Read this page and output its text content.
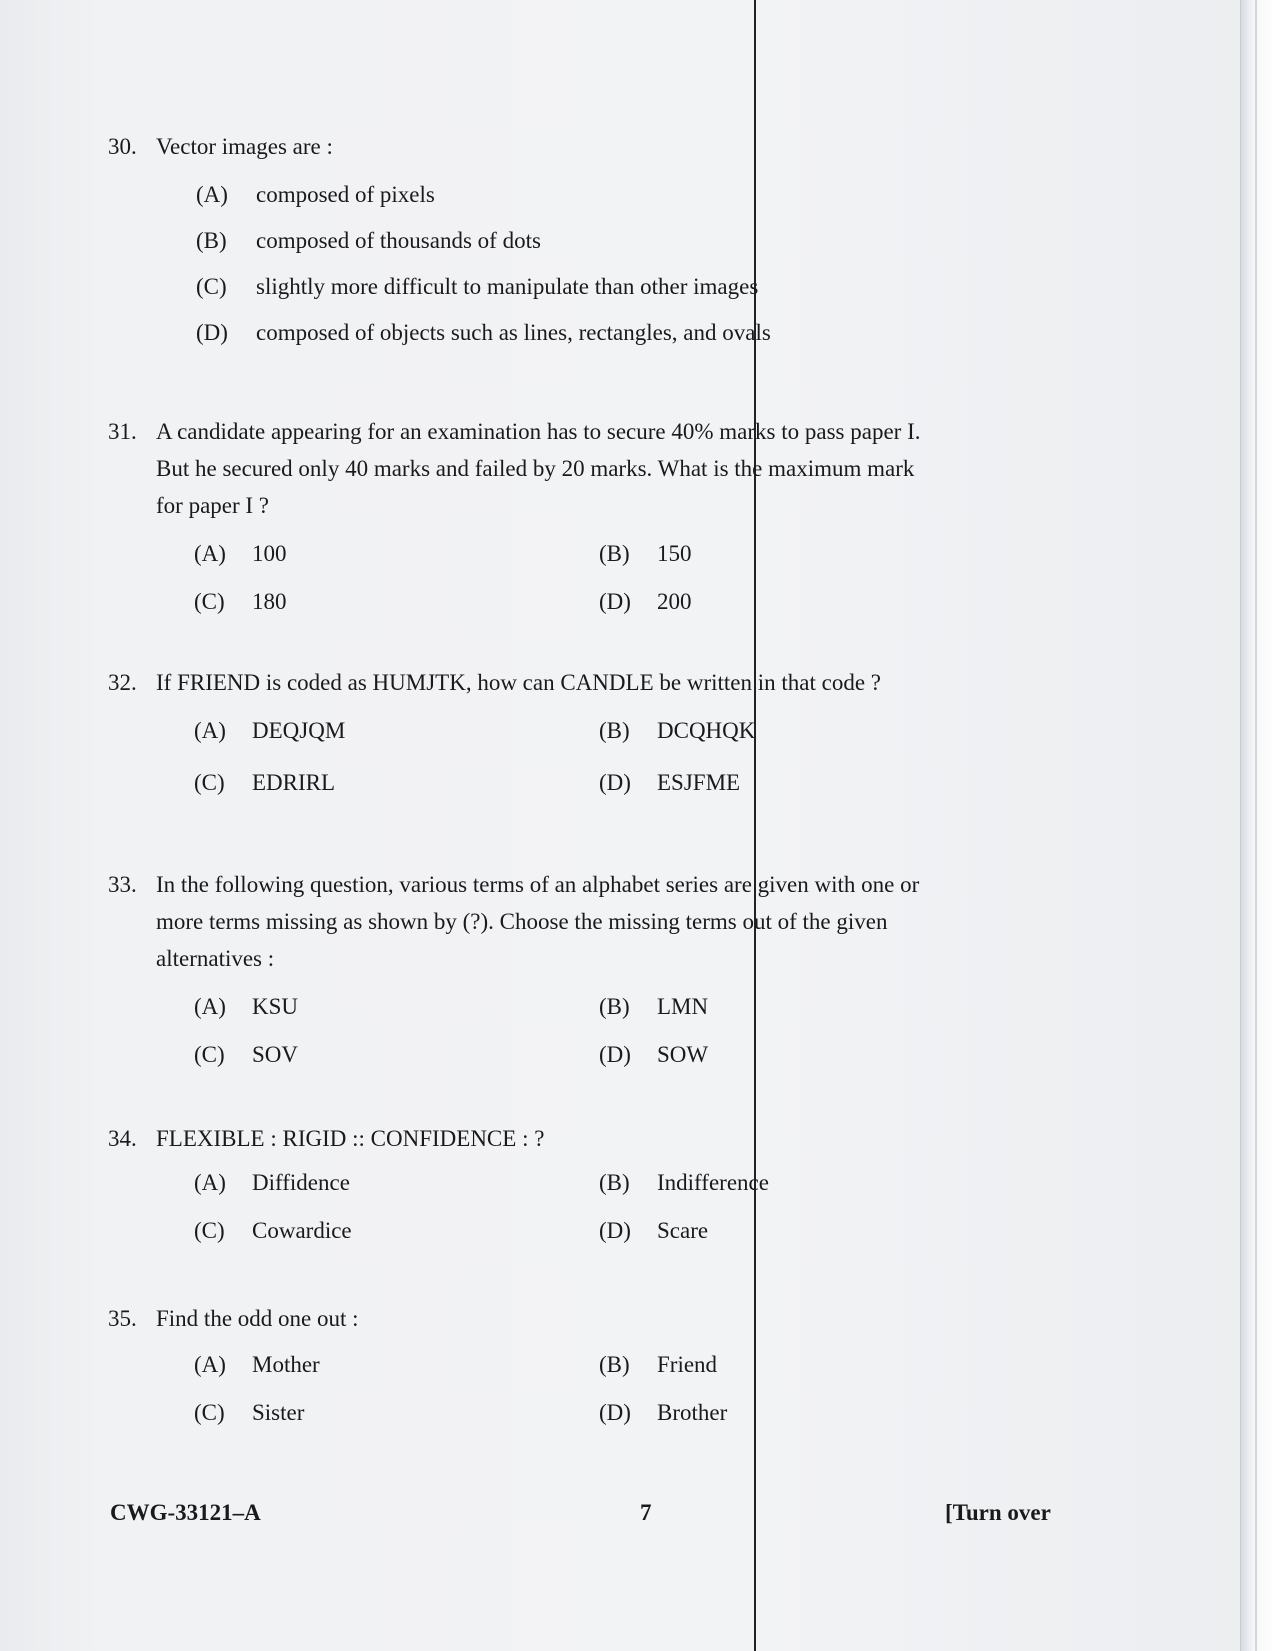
30. Vector images are :
(A)	composed of pixels
(B)	composed of thousands of dots
(C)	slightly more difficult to manipulate than other images
(D)	composed of objects such as lines, rectangles, and ovals
31. A candidate appearing for an examination has to secure 40% marks to pass paper I.
But he secured only 40 marks and failed by 20 marks. What is the maximum mark
for paper I ?
(A)	100	(B)	150
(C)	180	(D)	200
32. If FRIEND is coded as HUMJTK, how can CANDLE be written in that code ?
(A)	DEQJQM	(B)	DCQHQK
(C)	EDRIRL	(D)	ESJFME
33. In the following question, various terms of an alphabet series are given with one or
more terms missing as shown by (?). Choose the missing terms out of the given
alternatives :
(A)	KSU	(B)	LMN
(C)	SOV	(D)	SOW
34. FLEXIBLE : RIGID :: CONFIDENCE : ?
(A)	Diffidence	(B)	Indifference
(C)	Cowardice	(D)	Scare
35. Find the odd one out :
(A)	Mother	(B)	Friend
(C)	Sister	(D)	Brother
CWG-33121–A	7	[Turn over
